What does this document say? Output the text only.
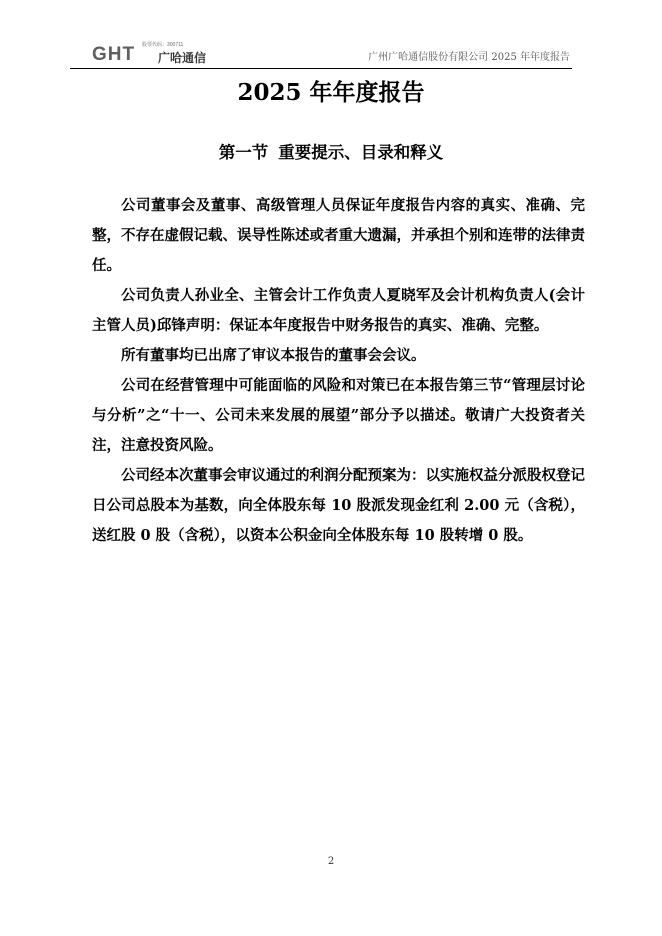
GHT 股票代码：300711
广哈通信	广州广哈通信股份有限公司 2025 年年度报告
2025 年年度报告
第一节 重要提示、目录和释义

公司董事会及董事、高级管理人员保证年度报告内容的真实、准确、完整，不存在虚假记载、误导性陈述或者重大遗漏，并承担个别和连带的法律责任。

公司负责人孙业全、主管会计工作负责人夏晓军及会计机构负责人(会计主管人员)邱锋声明：保证本年度报告中财务报告的真实、准确、完整。

所有董事均已出席了审议本报告的董事会会议。

公司在经营管理中可能面临的风险和对策已在本报告第三节“管理层讨论与分析”之“十一、公司未来发展的展望”部分予以描述。敬请广大投资者关注，注意投资风险。

公司经本次董事会审议通过的利润分配预案为：以实施权益分派股权登记日公司总股本为基数，向全体股东每 10 股派发现金红利 2.00 元（含税），送红股 0 股（含税），以资本公积金向全体股东每 10 股转增 0 股。

2
